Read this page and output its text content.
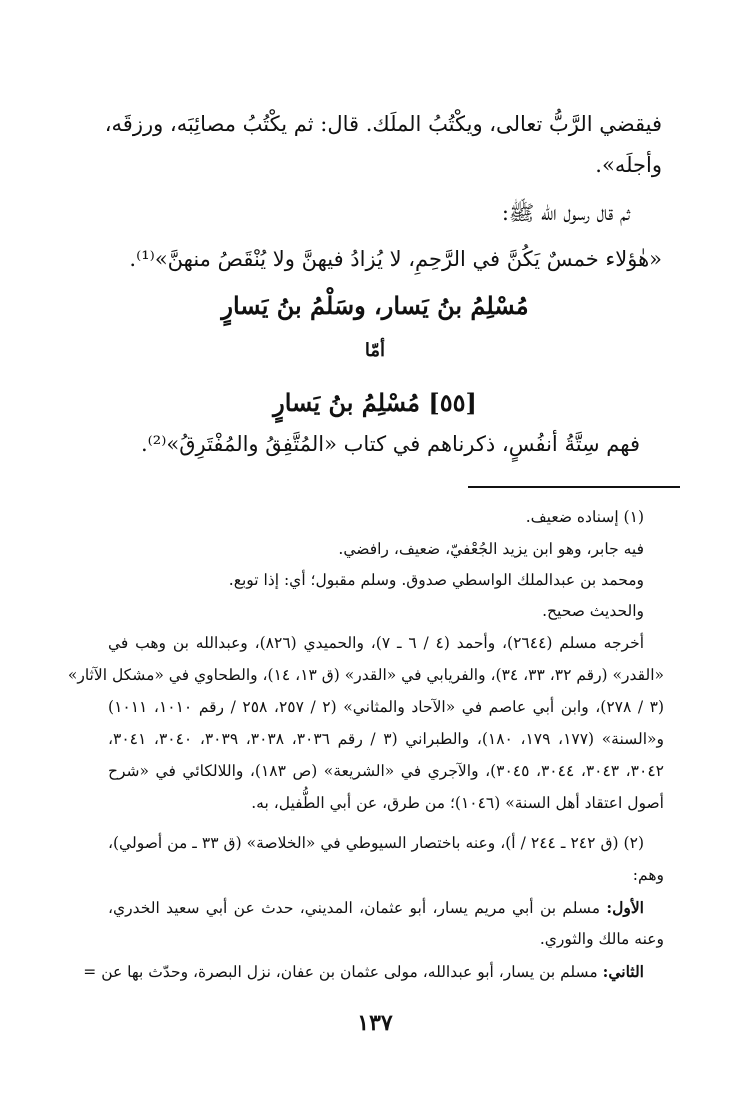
فيقضي الرَّبُّ تعالى، ويكْتُبُ الملَك. قال: ثم يكْتُبُ مصائِبَه، ورزقَه،
وأجلَه».
ثم قال رسول الله ﷺ:
«هٰؤلاء خمسٌ يَكُنَّ في الرَّحِمِ، لا يُزادُ فيهنَّ ولا يُنْقَصُ منهنَّ»⁽¹⁾.
مُسْلِمُ بنُ يَسار، وسَلْمُ بنُ يَسارٍ
أمّا
[٥٥] مُسْلِمُ بنُ يَسارٍ
فهم سِتَّةُ أنفُسٍ، ذكرناهم في كتاب «المُتَّفِقُ والمُفْتَرِقُ»⁽²⁾.
(١) إسناده ضعيف.
فيه جابر، وهو ابن يزيد الجُعْفيّ، ضعيف، رافضي.
ومحمد بن عبدالملك الواسطي صدوق. وسلم مقبول؛ أي: إذا توبع.
والحديث صحيح.
أخرجه مسلم (٢٦٤٤)، وأحمد (٤ / ٦ ـ ٧)، والحميدي (٨٢٦)، وعبدالله بن وهب في
«القدر» (رقم ٣٢، ٣٣، ٣٤)، والفريابي في «القدر» (ق ١٣، ١٤)، والطحاوي في «مشكل الآثار»
(٣ / ٢٧٨)، وابن أبي عاصم في «الآحاد والمثاني» (٢ / ٢٥٧، ٢٥٨ / رقم ١٠١٠، ١٠١١)
و«السنة» (١٧٧، ١٧٩، ١٨٠)، والطبراني (٣ / رقم ٣٠٣٦، ٣٠٣٨، ٣٠٣٩، ٣٠٤٠، ٣٠٤١،
٣٠٤٢، ٣٠٤٣، ٣٠٤٤، ٣٠٤٥)، والآجري في «الشريعة» (ص ١٨٣)، واللالكائي في «شرح
أصول اعتقاد أهل السنة» (١٠٤٦)؛ من طرق، عن أبي الطُّفيل، به.
(٢) (ق ٢٤٢ ـ ٢٤٤ / أ)، وعنه باختصار السيوطي في «الخلاصة» (ق ٣٣ ـ من أصولي)،
وهم:
الأول: مسلم بن أبي مريم يسار، أبو عثمان، المديني، حدث عن أبي سعيد الخدري،
وعنه مالك والثوري.
الثاني: مسلم بن يسار، أبو عبدالله، مولى عثمان بن عفان، نزل البصرة، وحدّث بها عن =
١٣٧
